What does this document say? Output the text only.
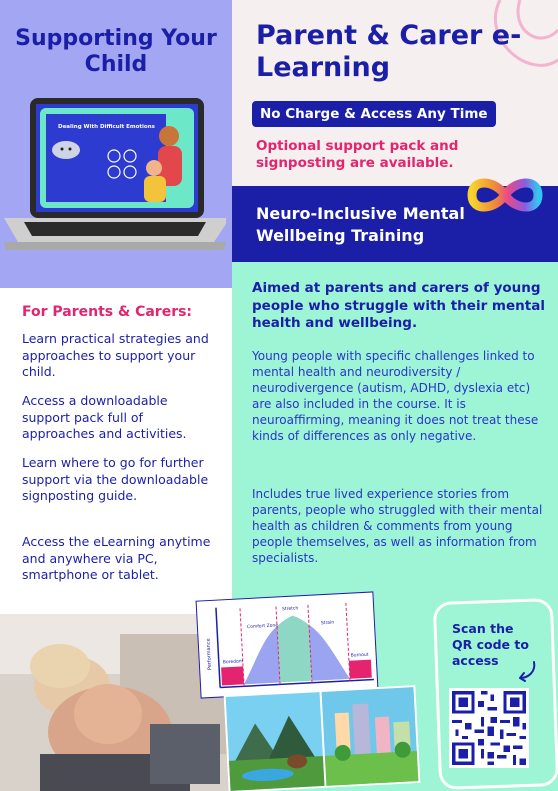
Supporting Your Child
Dealing With Difficult Emotions
For Parents & Carers:
Learn practical strategies and approaches to support your child.
Access a downloadable support pack full of approaches and activities.
Learn where to go for further support via the downloadable signposting guide.
Access the eLearning anytime and anywhere via PC, smartphone or tablet.
Parent & Carer e-Learning
No Charge & Access Any Time
Optional support pack and signposting are available.
Neuro-Inclusive Mental Wellbeing Training
Aimed at parents and carers of young people who struggle with their mental health and wellbeing.
Young people with specific challenges linked to mental health and neurodiversity / neurodivergence (autism, ADHD, dyslexia etc) are also included in the course. It is neuroaffirming, meaning it does not treat these kinds of differences as only negative.
Includes true lived experience stories from parents, people who struggled with their mental health as children & comments from young people themselves, as well as information from specialists.
Scan the QR code to access
Performance Boredom
Comfort Zone
Stretch
Strain
Burnout
